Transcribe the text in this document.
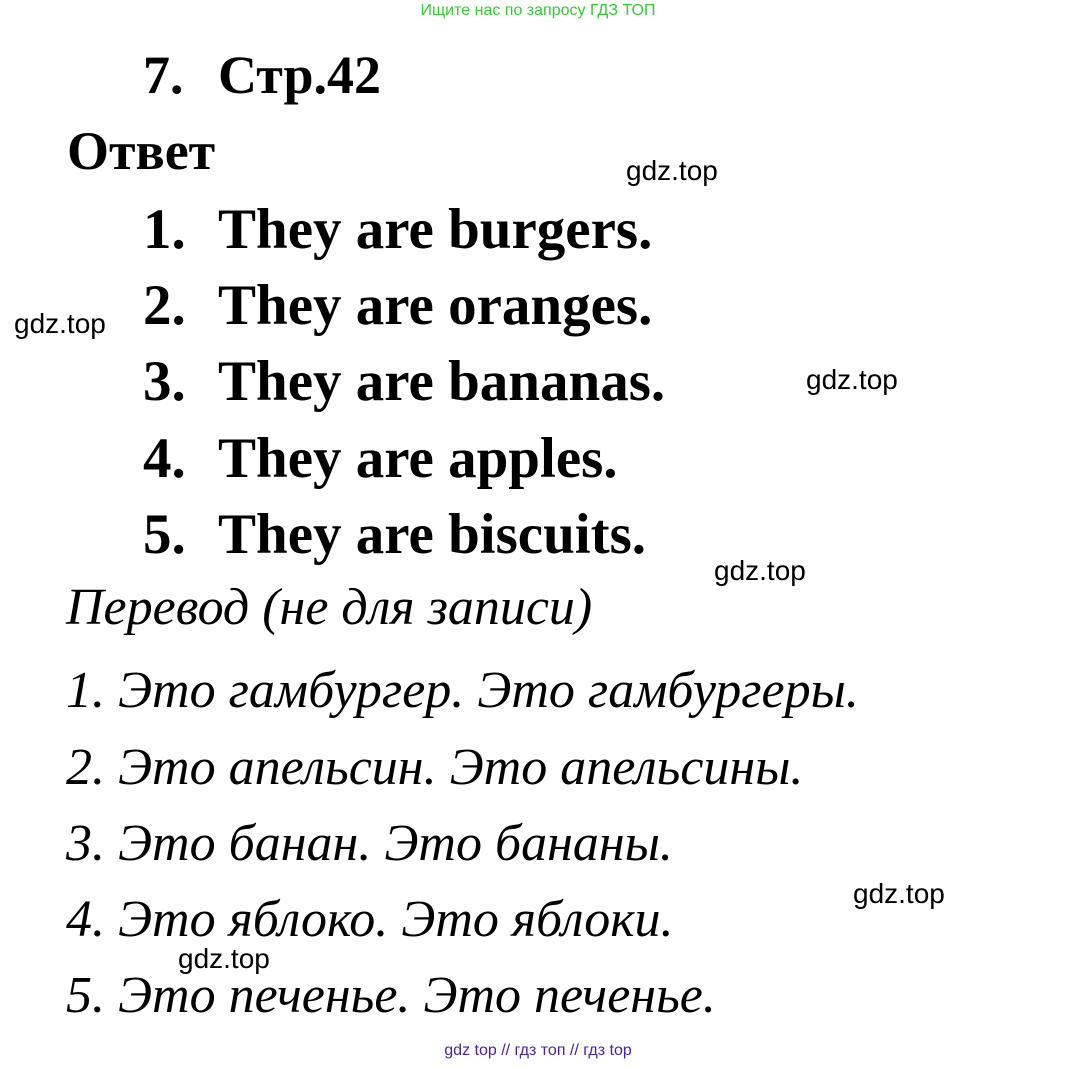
Ищите нас по запросу ГДЗ ТОП
7. Стр.42
Ответ
1. They are burgers.
2. They are oranges.
3. They are bananas.
4. They are apples.
5. They are biscuits.
Перевод (не для записи)
1. Это гамбургер. Это гамбургеры.
2. Это апельсин. Это апельсины.
3. Это банан. Это бананы.
4. Это яблоко. Это яблоки.
5. Это печенье. Это печенье.
gdz.top
gdz.top
gdz.top
gdz.top
gdz.top
gdz.top
gdz top // гдз топ // гдз top
